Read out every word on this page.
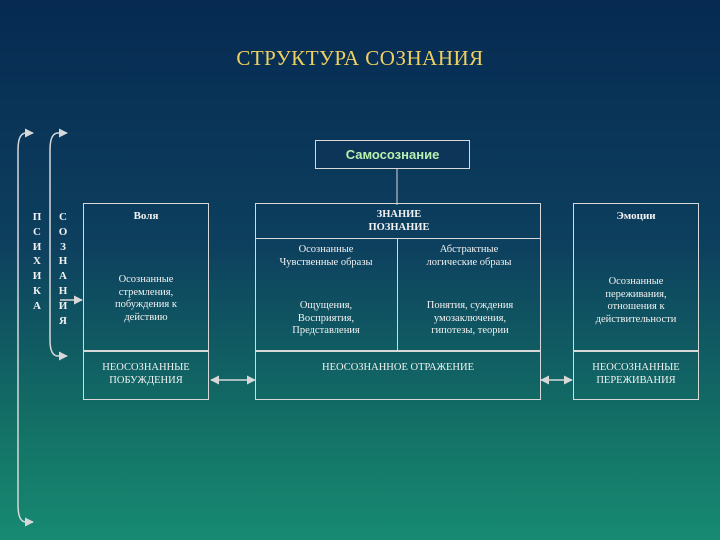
СТРУКТУРА СОЗНАНИЯ
Самосознание
П
С
И
Х
И
К
А
С
О
З
Н
А
Н
И
Я
Воля
Осознанные стремления, побуждения к действию
НЕОСОЗНАННЫЕ ПОБУЖДЕНИЯ
ЗНАНИЕ ПОЗНАНИЕ
Осознанные Чувственные образы
Абстрактные логические образы
Ощущения, Восприятия, Представления
Понятия, суждения умозаключения, гипотезы, теории
НЕОСОЗНАННОЕ ОТРАЖЕНИЕ
Эмоции
Осознанные переживания, отношения к действительности
НЕОСОЗНАННЫЕ ПЕРЕЖИВАНИЯ
